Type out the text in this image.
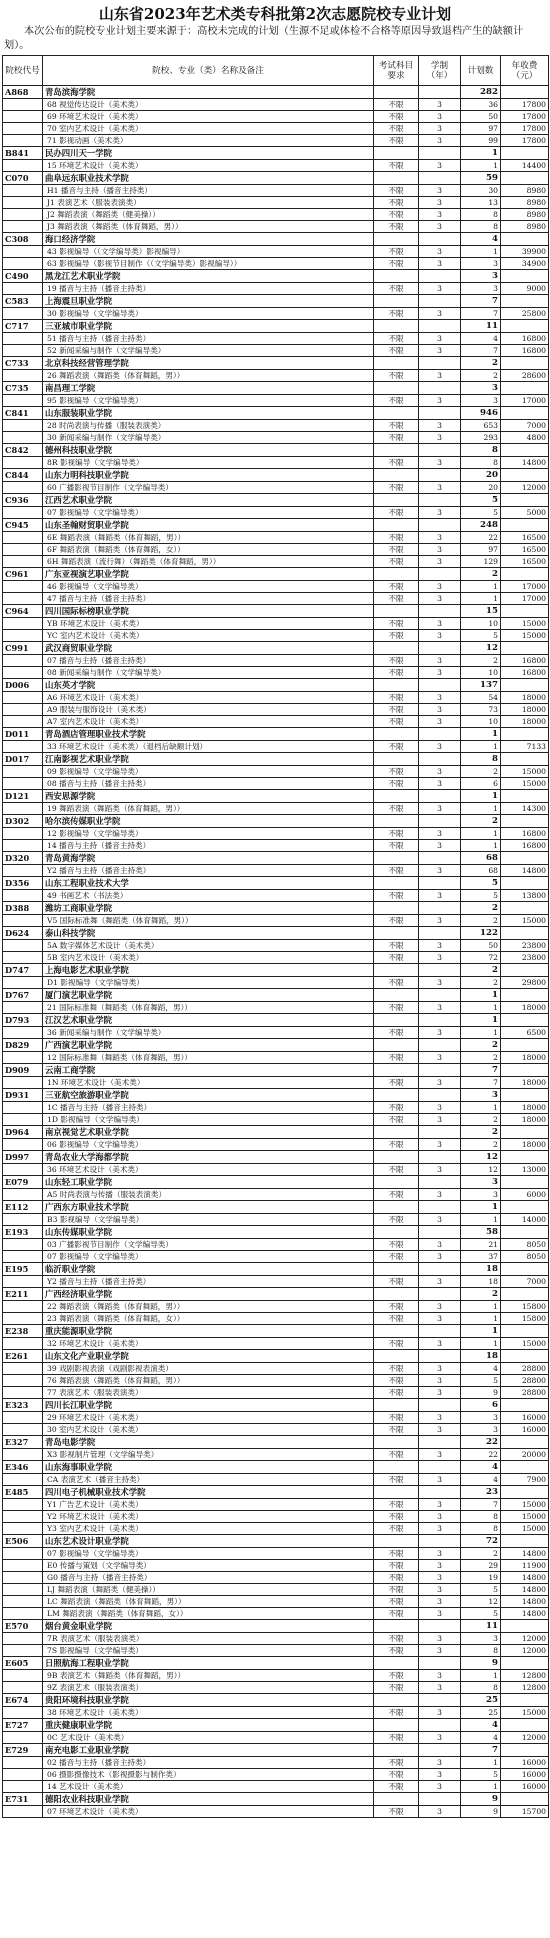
山东省2023年艺术类专科批第2次志愿院校专业计划
本次公布的院校专业计划主要来源于：高校未完成的计划（生源不足或体检不合格等原因导致退档产生的缺额计划）。
院校代号	院校、专业（类）名称及备注	考试科目要求	学制（年）	计划数	年收费（元）
A868	青岛滨海学院			282	
	68 视觉传达设计（美术类）	不限	3	36	17800
	69 环境艺术设计（美术类）	不限	3	50	17800
	70 室内艺术设计（美术类）	不限	3	97	17800
	71 影视动画（美术类）	不限	3	99	17800
B841	民办四川天一学院			1	
	15 环境艺术设计（美术类）	不限	3	1	14400
C070	曲阜远东职业技术学院			59	
	H1 播音与主持（播音主持类）	不限	3	30	8980
	J1 表演艺术（服装表演类）	不限	3	13	8980
	J2 舞蹈表演（舞蹈类（健美操））	不限	3	8	8980
	J3 舞蹈表演（舞蹈类（体育舞蹈，男））	不限	3	8	8980
C308	海口经济学院			4	
	43 影视编导（（文学编导类）影视编导）	不限	3	1	39900
	63 影视编导（影视节目制作（（文学编导类）影视编导））	不限	3	3	34900
C490	黑龙江艺术职业学院			3	
	19 播音与主持（播音主持类）	不限	3	3	9000
C583	上海震旦职业学院			7	
	30 影视编导（文学编导类）	不限	3	7	25800
C717	三亚城市职业学院			11	
	51 播音与主持（播音主持类）	不限	3	4	16800
	52 新闻采编与制作（文学编导类）	不限	3	7	16800
C733	北京科技经营管理学院			2	
	26 舞蹈表演（舞蹈类（体育舞蹈，男））	不限	3	2	28600
C735	南昌理工学院			3	
	95 影视编导（文学编导类）	不限	3	3	17000
C841	山东服装职业学院			946	
	28 时尚表演与传播（服装表演类）	不限	3	653	7000
	30 新闻采编与制作（文学编导类）	不限	3	293	4800
C842	德州科技职业学院			8	
	8R 影视编导（文学编导类）	不限	3	8	14800
C844	山东力明科技职业学院			20	
	60 广播影视节目制作（文学编导类）	不限	3	20	12000
C936	江西艺术职业学院			5	
	07 影视编导（文学编导类）	不限	3	5	5000
C945	山东圣翰财贸职业学院			248	
	6E 舞蹈表演（舞蹈类（体育舞蹈，男））	不限	3	22	16500
	6F 舞蹈表演（舞蹈类（体育舞蹈，女））	不限	3	97	16500
	6H 舞蹈表演（流行舞）（舞蹈类（体育舞蹈，男））	不限	3	129	16500
C961	广东亚视演艺职业学院			2	
	46 影视编导（文学编导类）	不限	3	1	17000
	47 播音与主持（播音主持类）	不限	3	1	17000
C964	四川国际标榜职业学院			15	
	YB 环境艺术设计（美术类）	不限	3	10	15000
	YC 室内艺术设计（美术类）	不限	3	5	15000
C991	武汉商贸职业学院			12	
	07 播音与主持（播音主持类）	不限	3	2	16800
	08 新闻采编与制作（文学编导类）	不限	3	10	16800
D006	山东英才学院			137	
	A6 环境艺术设计（美术类）	不限	3	54	18000
	A9 服装与服饰设计（美术类）	不限	3	73	18000
	A7 室内艺术设计（美术类）	不限	3	10	18000
D011	青岛酒店管理职业技术学院			1	
	33 环境艺术设计（美术类）（退档后缺额计划）	不限	3	1	7133
D017	江南影视艺术职业学院			8	
	09 影视编导（文学编导类）	不限	3	2	15000
	08 播音与主持（播音主持类）	不限	3	6	15000
D121	西安思源学院			1	
	19 舞蹈表演（舞蹈类（体育舞蹈，男））	不限	3	1	14300
D302	哈尔滨传媒职业学院			2	
	12 影视编导（文学编导类）	不限	3	1	16800
	14 播音与主持（播音主持类）	不限	3	1	16800
D320	青岛黄海学院			68	
	Y2 播音与主持（播音主持类）	不限	3	68	14800
D356	山东工程职业技术大学			5	
	49 书画艺术（书法类）	不限	3	5	13800
D388	潍坊工商职业学院			2	
	V5 国际标准舞（舞蹈类（体育舞蹈，男））	不限	3	2	15000
D624	泰山科技学院			122	
	5A 数字媒体艺术设计（美术类）	不限	3	50	23800
	5B 室内艺术设计（美术类）	不限	3	72	23800
D747	上海电影艺术职业学院			2	
	D1 影视编导（文学编导类）	不限	3	2	29800
D767	厦门演艺职业学院			1	
	21 国际标准舞（舞蹈类（体育舞蹈，男））	不限	3	1	18000
D793	江汉艺术职业学院			1	
	36 新闻采编与制作（文学编导类）	不限	3	1	6500
D829	广西演艺职业学院			2	
	12 国际标准舞（舞蹈类（体育舞蹈，男））	不限	3	2	18000
D909	云南工商学院			7	
	1N 环境艺术设计（美术类）	不限	3	7	18000
D931	三亚航空旅游职业学院			3	
	1C 播音与主持（播音主持类）	不限	3	1	18000
	1D 影视编导（文学编导类）	不限	3	2	18000
D964	南京视觉艺术职业学院			2	
	06 影视编导（文学编导类）	不限	3	2	18000
D997	青岛农业大学海都学院			12	
	36 环境艺术设计（美术类）	不限	3	12	13000
E079	山东轻工职业学院			3	
	A5 时尚表演与传播（服装表演类）	不限	3	3	6000
E112	广西东方职业技术学院			1	
	B3 影视编导（文学编导类）	不限	3	1	14000
E193	山东传媒职业学院			58	
	03 广播影视节目制作（文学编导类）	不限	3	21	8050
	07 影视编导（文学编导类）	不限	3	37	8050
E195	临沂职业学院			18	
	Y2 播音与主持（播音主持类）	不限	3	18	7000
E211	广西经济职业学院			2	
	22 舞蹈表演（舞蹈类（体育舞蹈，男））	不限	3	1	15800
	23 舞蹈表演（舞蹈类（体育舞蹈，女））	不限	3	1	15800
E238	重庆能源职业学院			1	
	32 环境艺术设计（美术类）	不限	3	1	15000
E261	山东文化产业职业学院			18	
	39 戏剧影视表演（戏剧影视表演类）	不限	3	4	28800
	76 舞蹈表演（舞蹈类（体育舞蹈，男））	不限	3	5	28800
	77 表演艺术（服装表演类）	不限	3	9	28800
E323	四川长江职业学院			6	
	29 环境艺术设计（美术类）	不限	3	3	16000
	30 室内艺术设计（美术类）	不限	3	3	16000
E327	青岛电影学院			22	
	X3 影视制片管理（文学编导类）	不限	3	22	20000
E346	山东海事职业学院			4	
	CA 表演艺术（播音主持类）	不限	3	4	7900
E485	四川电子机械职业技术学院			23	
	Y1 广告艺术设计（美术类）	不限	3	7	15000
	Y2 环境艺术设计（美术类）	不限	3	8	15000
	Y3 室内艺术设计（美术类）	不限	3	8	15000
E506	山东艺术设计职业学院			72	
	07 影视编导（文学编导类）	不限	3	2	14800
	E0 传播与策划（文学编导类）	不限	3	29	11900
	G0 播音与主持（播音主持类）	不限	3	19	14800
	LJ 舞蹈表演（舞蹈类（健美操））	不限	3	5	14800
	LC 舞蹈表演（舞蹈类（体育舞蹈，男））	不限	3	12	14800
	LM 舞蹈表演（舞蹈类（体育舞蹈，女））	不限	3	5	14800
E570	烟台黄金职业学院			11	
	7R 表演艺术（服装表演类）	不限	3	3	12000
	7S 影视编导（文学编导类）	不限	3	8	12000
E605	日照航海工程职业学院			9	
	9B 表演艺术（舞蹈类（体育舞蹈，男））	不限	3	1	12800
	9Z 表演艺术（服装表演类）	不限	3	8	12800
E674	贵阳环境科技职业学院			25	
	38 环境艺术设计（美术类）	不限	3	25	15000
E727	重庆健康职业学院			4	
	0C 艺术设计（美术类）	不限	3	4	12000
E729	南充电影工业职业学院			7	
	02 播音与主持（播音主持类）	不限	3	1	16000
	06 摄影摄像技术（影视摄影与制作类）	不限	3	5	16000
	14 艺术设计（美术类）	不限	3	1	16000
E731	德阳农业科技职业学院			9	
	07 环境艺术设计（美术类）	不限	3	9	15700
